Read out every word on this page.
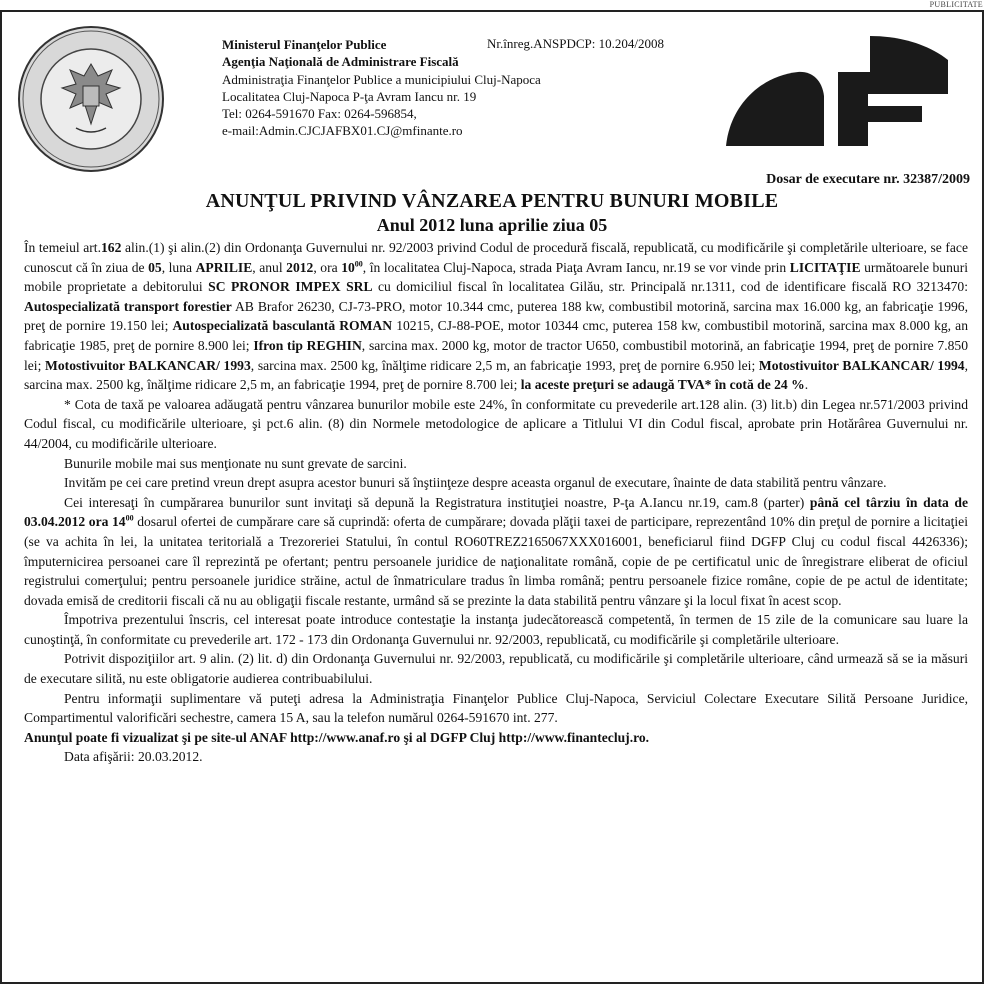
PUBLICITATE
Ministerul Finanţelor Publice
Agenţia Naţională de Administrare Fiscală
Administraţia Finanţelor Publice a municipiului Cluj-Napoca
Localitatea Cluj-Napoca P-ţa Avram Iancu nr. 19
Tel: 0264-591670 Fax: 0264-596854,
e-mail:Admin.CJCJAFBX01.CJ@mfinante.ro
Nr.înreg.ANSPDCP: 10.204/2008
Dosar de executare nr. 32387/2009
ANUNŢUL PRIVIND VÂNZAREA PENTRU BUNURI MOBILE
Anul 2012 luna aprilie ziua 05

În temeiul art.162 alin.(1) şi alin.(2) din Ordonanţa Guvernului nr. 92/2003 privind Codul de procedură fiscală, republicată, cu modificările şi completările ulterioare, se face cunoscut că în ziua de 05, luna APRILIE, anul 2012, ora $10^{00}$, în localitatea Cluj-Napoca, strada Piaţa Avram Iancu, nr.19 se vor vinde prin LICITAŢIE următoarele bunuri mobile proprietate a debitorului SC PRONOR IMPEX SRL cu domiciliul fiscal în localitatea Gilău, str. Principală nr.1311, cod de identificare fiscală RO 3213470: Autospecializată transport forestier AB Brafor 26230, CJ-73-PRO, motor 10.344 cmc, puterea 188 kw, combustibil motorină, sarcina max 16.000 kg, an fabricaţie 1996, preţ de pornire 19.150 lei; Autospecializată basculantă ROMAN 10215, CJ-88-POE, motor 10344 cmc, puterea 158 kw, combustibil motorină, sarcina max 8.000 kg, an fabricaţie 1985, preţ de pornire 8.900 lei; Ifron tip REGHIN, sarcina max. 2000 kg, motor de tractor U650, combustibil motorină, an fabricaţie 1994, preţ de pornire 7.850 lei; Motostivuitor BALKANCAR/ 1993, sarcina max. 2500 kg, înălţime ridicare 2,5 m, an fabricaţie 1993, preţ de pornire 6.950 lei; Motostivuitor BALKANCAR/ 1994, sarcina max. 2500 kg, înălţime ridicare 2,5 m, an fabricaţie 1994, preţ de pornire 8.700 lei; la aceste preţuri se adaugă TVA* în cotă de 24 %.

* Cota de taxă pe valoarea adăugată pentru vânzarea bunurilor mobile este 24%, în conformitate cu prevederile art.128 alin. (3) lit.b) din Legea nr.571/2003 privind Codul fiscal, cu modificările ulterioare, şi pct.6 alin. (8) din Normele metodologice de aplicare a Titlului VI din Codul fiscal, aprobate prin Hotărârea Guvernului nr. 44/2004, cu modificările ulterioare.

Bunurile mobile mai sus menţionate nu sunt grevate de sarcini.

Invităm pe cei care pretind vreun drept asupra acestor bunuri să înştiinţeze despre aceasta organul de executare, înainte de data stabilită pentru vânzare.

Cei interesaţi în cumpărarea bunurilor sunt invitaţi să depună la Registratura instituţiei noastre, P-ţa A.Iancu nr.19, cam.8 (parter) până cel târziu în data de 03.04.2012 ora $14^{00}$ dosarul ofertei de cumpărare care să cuprindă: oferta de cumpărare; dovada plăţii taxei de participare, reprezentând 10% din preţul de pornire a licitaţiei (se va achita în lei, la unitatea teritorială a Trezoreriei Statului, în contul RO60TREZ2165067XXX016001, beneficiarul fiind DGFP Cluj cu codul fiscal 4426336); împuternicirea persoanei care îl reprezintă pe ofertant; pentru persoanele juridice de naţionalitate română, copie de pe certificatul unic de înregistrare eliberat de oficiul registrului comerţului; pentru persoanele juridice străine, actul de înmatriculare tradus în limba română; pentru persoanele fizice române, copie de pe actul de identitate; dovada emisă de creditorii fiscali că nu au obligaţii fiscale restante, urmând să se prezinte la data stabilită pentru vânzare şi la locul fixat în acest scop.

Împotriva prezentului înscris, cel interesat poate introduce contestaţie la instanţa judecătorească competentă, în termen de 15 zile de la comunicare sau luare la cunoştinţă, în conformitate cu prevederile art. 172 - 173 din Ordonanţa Guvernului nr. 92/2003, republicată, cu modificările şi completările ulterioare.

Potrivit dispoziţiilor art. 9 alin. (2) lit. d) din Ordonanţa Guvernului nr. 92/2003, republicată, cu modificările şi completările ulterioare, când urmează să se ia măsuri de executare silită, nu este obligatorie audierea contribuabilului.

Pentru informaţii suplimentare vă puteţi adresa la Administraţia Finanţelor Publice Cluj-Napoca, Serviciul Colectare Executare Silită Persoane Juridice, Compartimentul valorificări sechestre, camera 15 A, sau la telefon numărul 0264-591670 int. 277.

Anunţul poate fi vizualizat şi pe site-ul ANAF http://www.anaf.ro şi al DGFP Cluj http://www.finantecluj.ro.

Data afişării: 20.03.2012.
